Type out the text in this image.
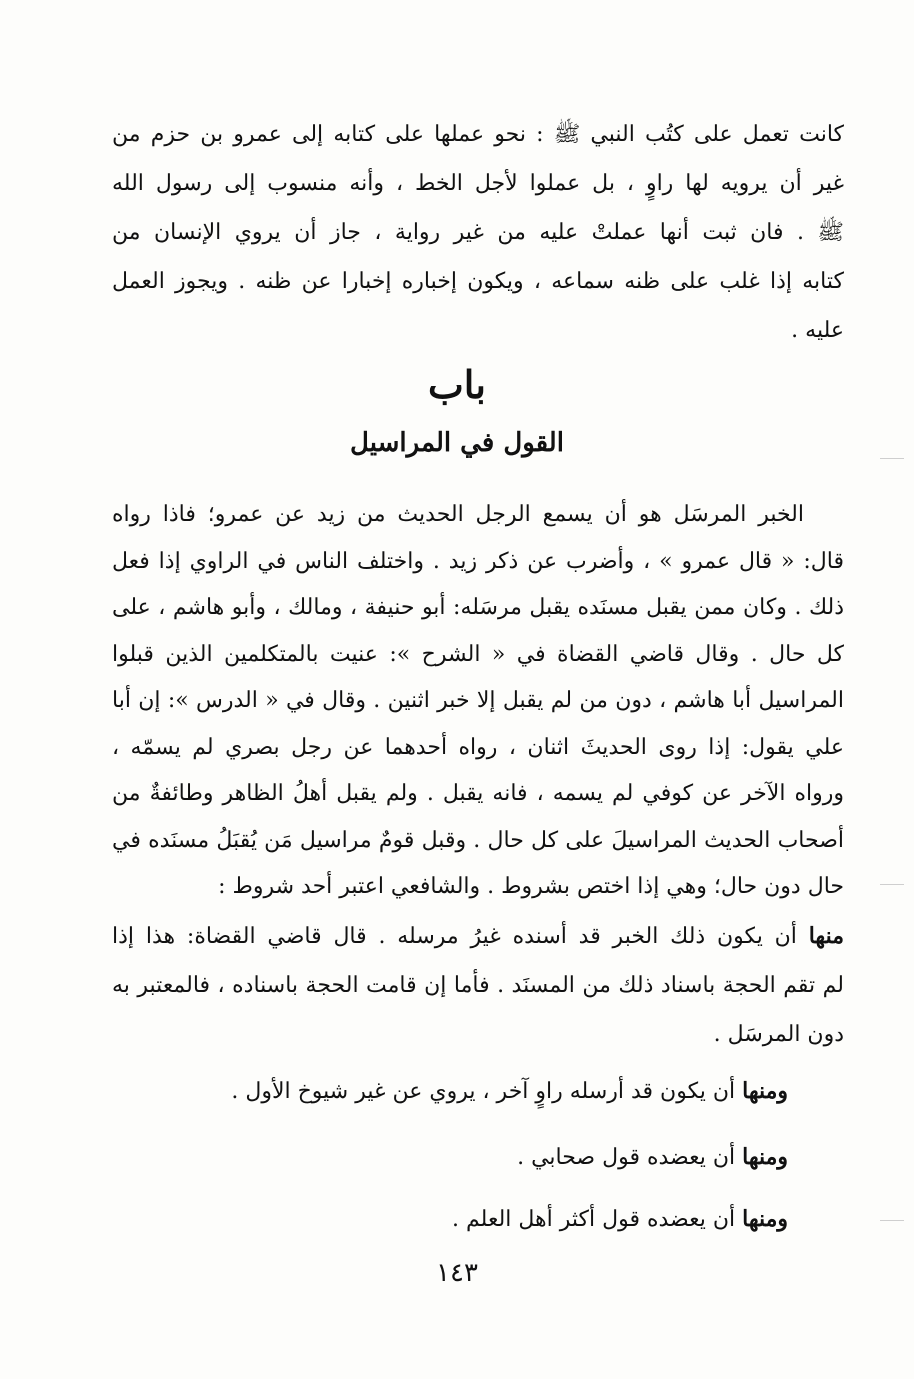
كانت تعمل على كتُب النبي ﷺ : نحو عملها على كتابه إلى عمرو بن حزم من
غير أن يرويه لها راوٍ ، بل عملوا لأجل الخط ، وأنه منسوب إلى رسول الله
ﷺ . فان ثبت أنها عملتْ عليه من غير رواية ، جاز أن يروي الإنسان من
كتابه إذا غلب على ظنه سماعه ، ويكون إخباره إخبارا عن ظنه . ويجوز العمل
عليه .
باب
القول في المراسيل
الخبر المرسَل هو أن يسمع الرجل الحديث من زيد عن عمرو؛ فاذا رواه
قال: « قال عمرو » ، وأضرب عن ذكر زيد . واختلف الناس في الراوي إذا فعل
ذلك . وكان ممن يقبل مسنَده يقبل مرسَله: أبو حنيفة ، ومالك ، وأبو هاشم ، على
كل حال . وقال قاضي القضاة في « الشرح »: عنيت بالمتكلمين الذين قبلوا
المراسيل أبا هاشم ، دون من لم يقبل إلا خبر اثنين . وقال في « الدرس »: إن أبا
علي يقول: إذا روى الحديثَ اثنان ، رواه أحدهما عن رجل بصري لم يسمّه ،
ورواه الآخر عن كوفي لم يسمه ، فانه يقبل . ولم يقبل أهلُ الظاهر وطائفةٌ من
أصحاب الحديث المراسيلَ على كل حال . وقبل قومٌ مراسيل مَن يُقبَلُ مسنَده في
حال دون حال؛ وهي إذا اختص بشروط . والشافعي اعتبر أحد شروط :
منها أن يكون ذلك الخبر قد أسنده غيرُ مرسله . قال قاضي القضاة: هذا إذا
لم تقم الحجة باسناد ذلك من المسنَد . فأما إن قامت الحجة باسناده ، فالمعتبر به
دون المرسَل .
ومنها أن يكون قد أرسله راوٍ آخر ، يروي عن غير شيوخ الأول .
ومنها أن يعضده قول صحابي .
ومنها أن يعضده قول أكثر أهل العلم .
١٤٣
